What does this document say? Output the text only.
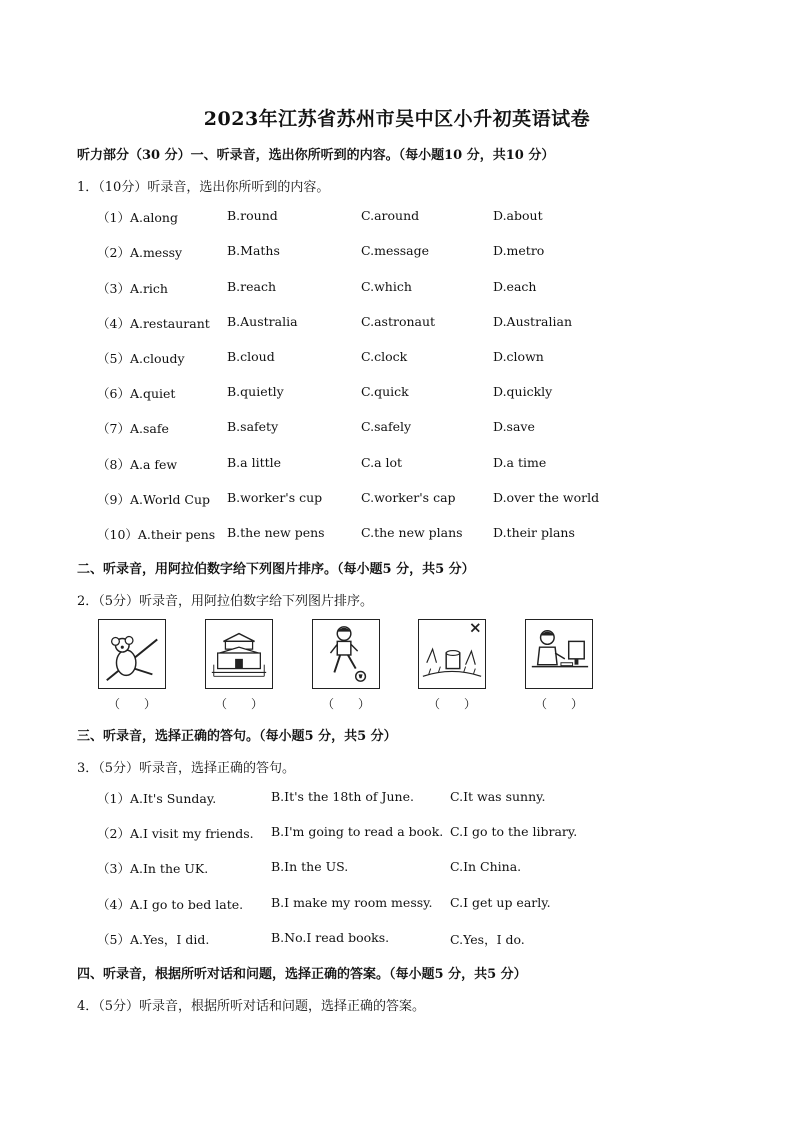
2023年江苏省苏州市吴中区小升初英语试卷
听力部分（30 分）一、听录音，选出你所听到的内容。（每小题10 分，共10 分）
1．（10分）听录音，选出你所听到的内容。
（1）A.along	B.round	C.around	D.about
（2）A.messy	B.Maths	C.message	D.metro
（3）A.rich	B.reach	C.which	D.each
（4）A.restaurant B.Australia	C.astronaut	D.Australian
（5）A.cloudy	B.cloud	C.clock	D.clown
（6）A.quiet	B.quietly	C.quick	D.quickly
（7）A.safe	B.safety	C.safely	D.save
（8）A.a few	B.a little	C.a lot	D.a time
（9）A.World Cup B.worker's cup	C.worker's cap	D.over the world
（10）A.their pens B.the new pens	C.the new plans D.their plans
二、听录音，用阿拉伯数字给下列图片排序。（每小题5 分，共5 分）
2．（5分）听录音，用阿拉伯数字给下列图片排序。
（　　）	（　　）	（　　）	（　　）	（　　）
三、听录音，选择正确的答句。（每小题5 分，共5 分）
3．（5分）听录音，选择正确的答句。
（1）A.It's Sunday.	B.It's the 18th of June.	C.It was sunny.
（2）A.I visit my friends. B.I'm going to read a book. C.I go to the library.
（3）A.In the UK.	B.In the US.	C.In China.
（4）A.I go to bed late. B.I make my room messy. C.I get up early.
（5）A.Yes，I did.	B.No.I read books.	C.Yes，I do.
四、听录音，根据所听对话和问题，选择正确的答案。（每小题5 分，共5 分）
4．（5分）听录音，根据所听对话和问题，选择正确的答案。
